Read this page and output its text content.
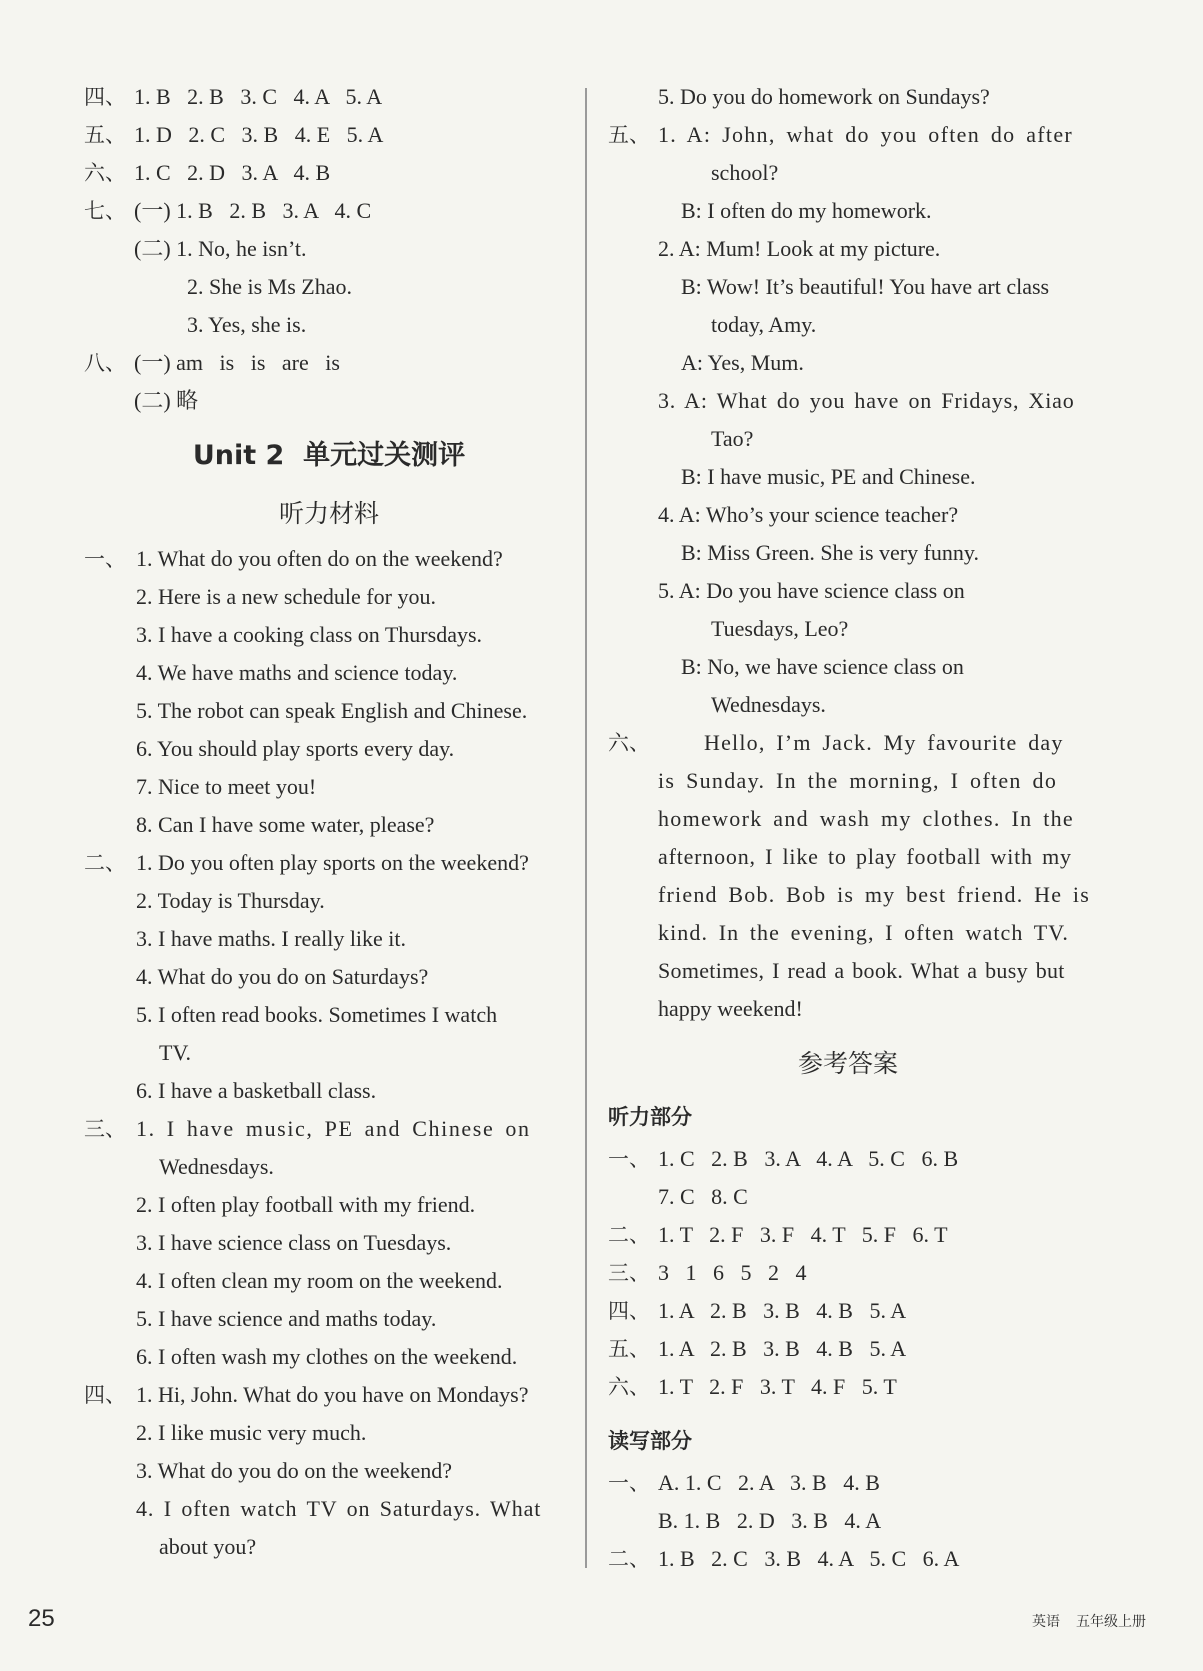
四、 1. B   2. B   3. C   4. A   5. A
五、 1. D   2. C   3. B   4. E   5. A
六、 1. C   2. D   3. A   4. B
七、 (一) 1. B   2. B   3. A   4. C
(二) 1. No, he isn’t.
2. She is Ms Zhao.
3. Yes, she is.
八、 (一) am   is   is   are   is
(二) 略
Unit 2  单元过关测评
听力材料
一、 1. What do you often do on the weekend?
2. Here is a new schedule for you.
3. I have a cooking class on Thursdays.
4. We have maths and science today.
5. The robot can speak English and Chinese.
6. You should play sports every day.
7. Nice to meet you!
8. Can I have some water, please?
二、 1. Do you often play sports on the weekend?
2. Today is Thursday.
3. I have maths. I really like it.
4. What do you do on Saturdays?
5. I often read books. Sometimes I watch
TV.
6. I have a basketball class.
三、 1. I have music, PE and Chinese on
Wednesdays.
2. I often play football with my friend.
3. I have science class on Tuesdays.
4. I often clean my room on the weekend.
5. I have science and maths today.
6. I often wash my clothes on the weekend.
四、 1. Hi, John. What do you have on Mondays?
2. I like music very much.
3. What do you do on the weekend?
4. I often watch TV on Saturdays. What
about you?
5. Do you do homework on Sundays?
五、 1. A: John, what do you often do after
school?
B: I often do my homework.
2. A: Mum! Look at my picture.
B: Wow! It’s beautiful! You have art class
today, Amy.
A: Yes, Mum.
3. A: What do you have on Fridays, Xiao
Tao?
B: I have music, PE and Chinese.
4. A: Who’s your science teacher?
B: Miss Green. She is very funny.
5. A: Do you have science class on
Tuesdays, Leo?
B: No, we have science class on
Wednesdays.
六、 Hello, I’m Jack. My favourite day
is Sunday. In the morning, I often do
homework and wash my clothes. In the
afternoon, I like to play football with my
friend Bob. Bob is my best friend. He is
kind. In the evening, I often watch TV.
Sometimes, I read a book. What a busy but
happy weekend!
参考答案
听力部分
一、 1. C   2. B   3. A   4. A   5. C   6. B
7. C   8. C
二、 1. T   2. F   3. F   4. T   5. F   6. T
三、 3   1   6   5   2   4
四、 1. A   2. B   3. B   4. B   5. A
五、 1. A   2. B   3. B   4. B   5. A
六、 1. T   2. F   3. T   4. F   5. T
读写部分
一、 A. 1. C   2. A   3. B   4. B
B. 1. B   2. D   3. B   4. A
二、 1. B   2. C   3. B   4. A   5. C   6. A
25	英语 五年级上册
